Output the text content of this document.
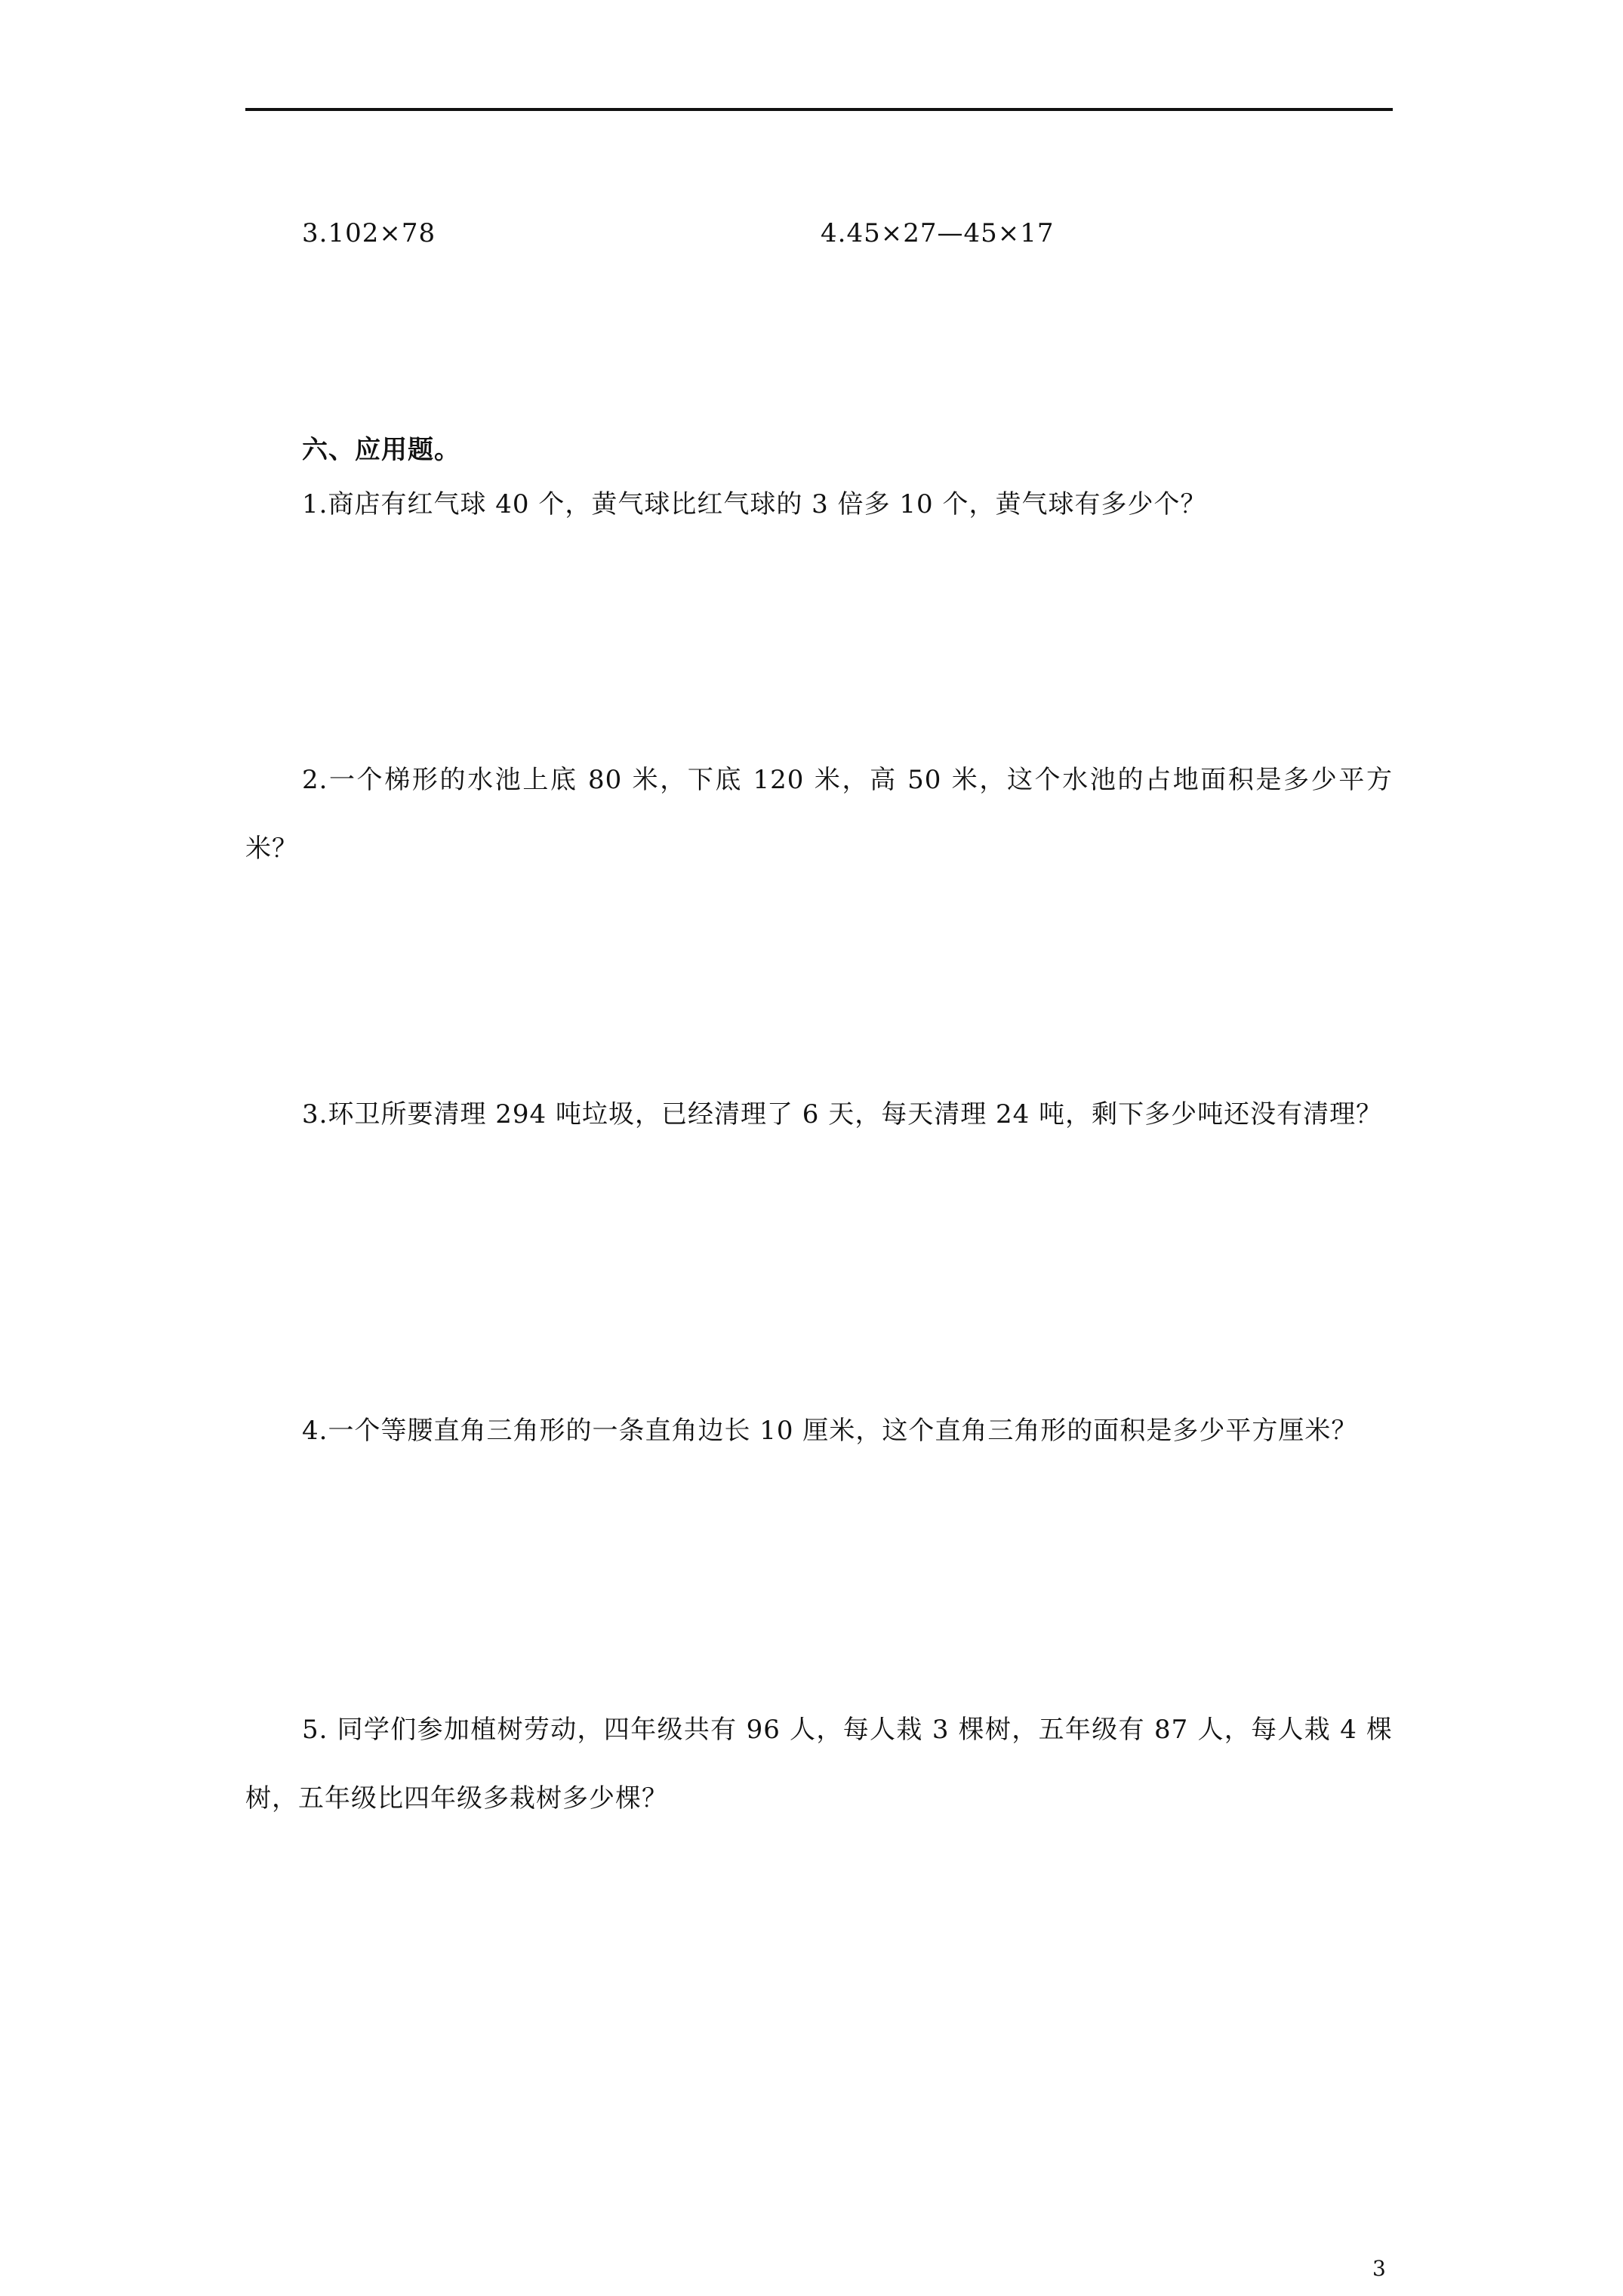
3.102×78	4.45×27—45×17
六、应用题。
1.商店有红气球 40 个，黄气球比红气球的 3 倍多 10 个，黄气球有多少个？
2.一个梯形的水池上底 80 米，下底 120 米，高 50 米，这个水池的占地面积是多少平方米？
3.环卫所要清理 294 吨垃圾，已经清理了 6 天，每天清理 24 吨，剩下多少吨还没有清理？
4.一个等腰直角三角形的一条直角边长 10 厘米，这个直角三角形的面积是多少平方厘米？
5. 同学们参加植树劳动，四年级共有 96 人，每人栽 3 棵树，五年级有 87 人，每人栽 4 棵树，五年级比四年级多栽树多少棵？
3
